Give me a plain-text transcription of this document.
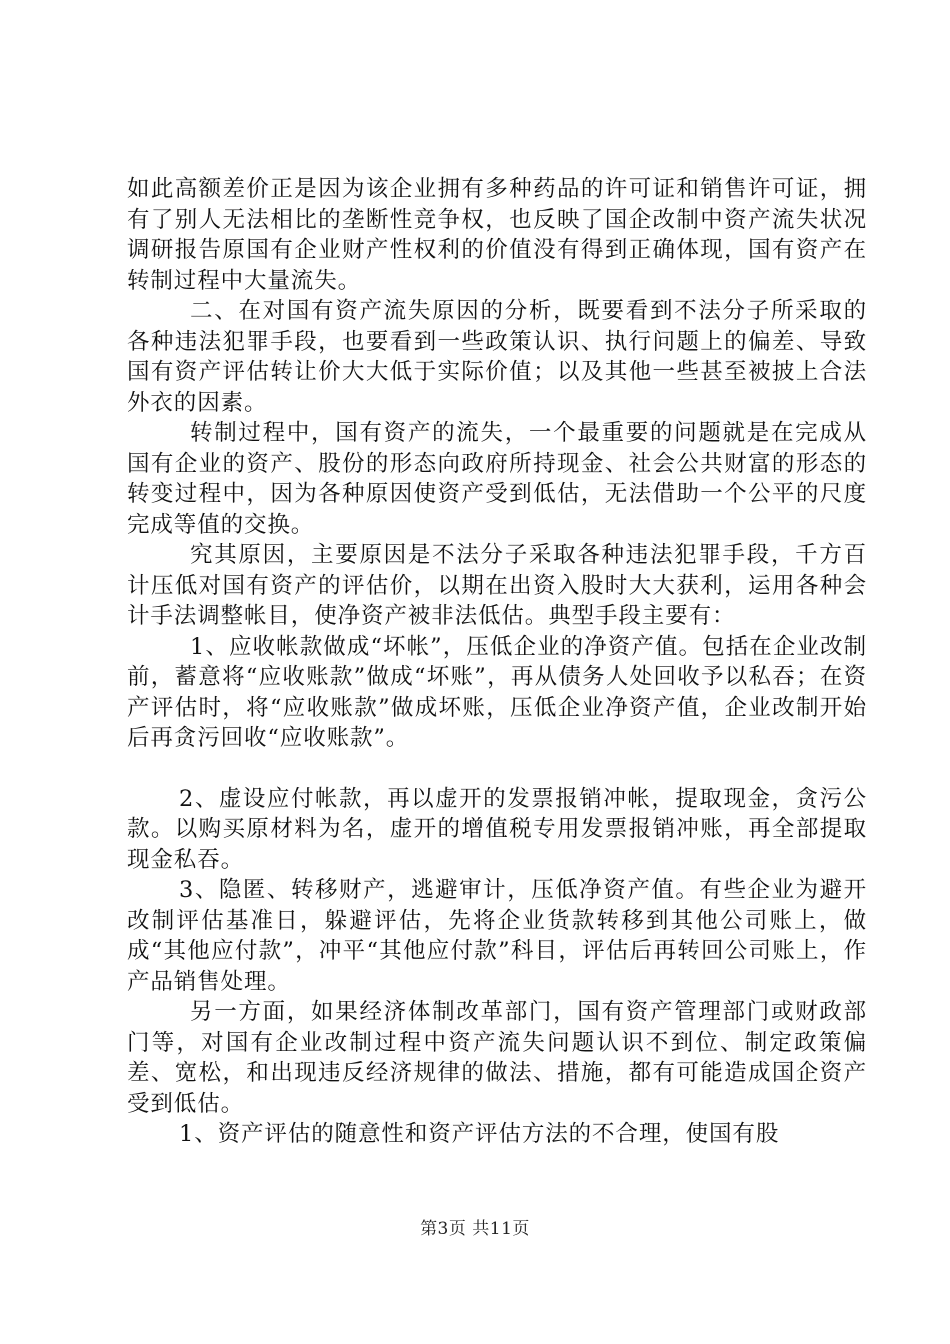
如此高额差价正是因为该企业拥有多种药品的许可证和销售许可证，拥有了别人无法相比的垄断性竞争权，也反映了国企改制中资产流失状况调研报告原国有企业财产性权利的价值没有得到正确体现，国有资产在转制过程中大量流失。

二、在对国有资产流失原因的分析，既要看到不法分子所采取的各种违法犯罪手段，也要看到一些政策认识、执行问题上的偏差、导致国有资产评估转让价大大低于实际价值；以及其他一些甚至被披上合法外衣的因素。

转制过程中，国有资产的流失，一个最重要的问题就是在完成从国有企业的资产、股份的形态向政府所持现金、社会公共财富的形态的转变过程中，因为各种原因使资产受到低估，无法借助一个公平的尺度完成等值的交换。

究其原因，主要原因是不法分子采取各种违法犯罪手段，千方百计压低对国有资产的评估价，以期在出资入股时大大获利，运用各种会计手法调整帐目，使净资产被非法低估。典型手段主要有：

1、应收帐款做成“坏帐”，压低企业的净资产值。包括在企业改制前，蓄意将“应收账款”做成“坏账”，再从债务人处回收予以私吞；在资产评估时，将“应收账款”做成坏账，压低企业净资产值，企业改制开始后再贪污回收“应收账款”。

2、虚设应付帐款，再以虚开的发票报销冲帐，提取现金，贪污公款。以购买原材料为名，虚开的增值税专用发票报销冲账，再全部提取现金私吞。

3、隐匿、转移财产，逃避审计，压低净资产值。有些企业为避开改制评估基准日，躲避评估，先将企业货款转移到其他公司账上，做成“其他应付款”，冲平“其他应付款”科目，评估后再转回公司账上，作产品销售处理。

另一方面，如果经济体制改革部门，国有资产管理部门或财政部门等，对国有企业改制过程中资产流失问题认识不到位、制定政策偏差、宽松，和出现违反经济规律的做法、措施，都有可能造成国企资产受到低估。

1、资产评估的随意性和资产评估方法的不合理，使国有股

第3页 共11页
